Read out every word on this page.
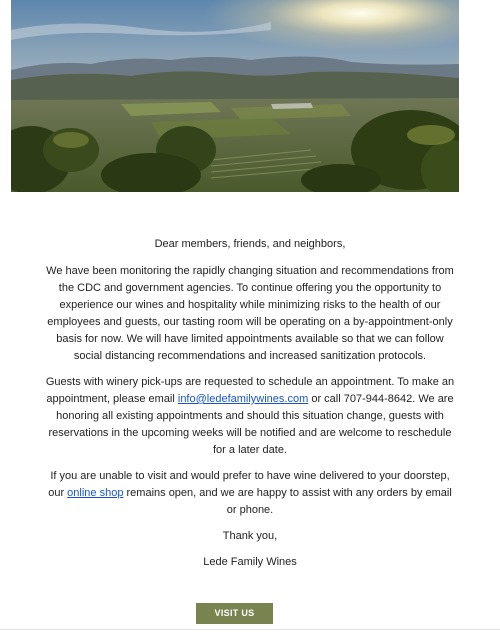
Dear members, friends, and neighbors,

We have been monitoring the rapidly changing situation and recommendations from the CDC and government agencies. To continue offering you the opportunity to experience our wines and hospitality while minimizing risks to the health of our employees and guests, our tasting room will be operating on a by-appointment-only basis for now. We will have limited appointments available so that we can follow social distancing recommendations and increased sanitization protocols.

Guests with winery pick-ups are requested to schedule an appointment. To make an appointment, please email info@ledefamilywines.com or call 707-944-8642. We are honoring all existing appointments and should this situation change, guests with reservations in the upcoming weeks will be notified and are welcome to reschedule for a later date.

If you are unable to visit and would prefer to have wine delivered to your doorstep, our online shop remains open, and we are happy to assist with any orders by email or phone.

Thank you,

Lede Family Wines

VISIT US
